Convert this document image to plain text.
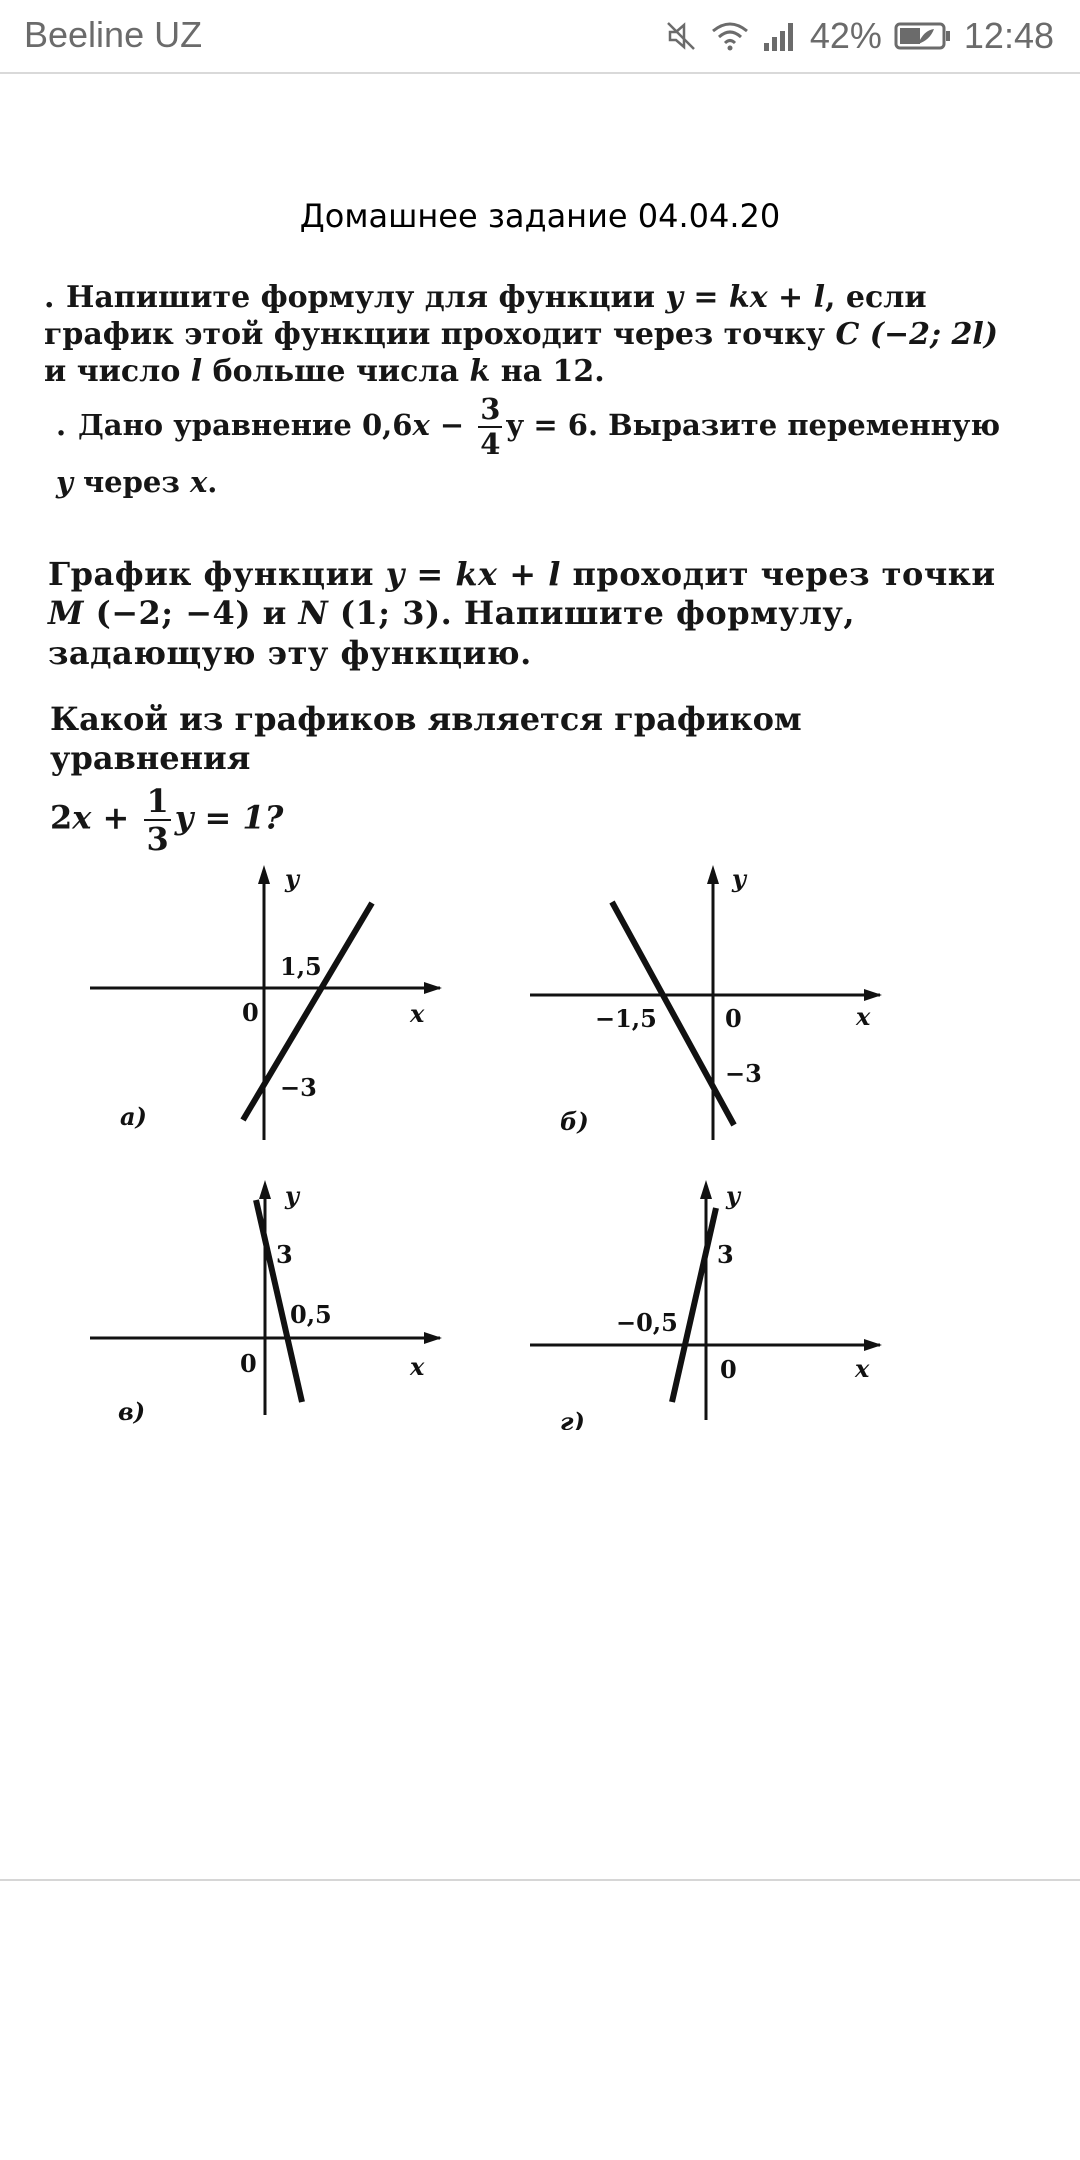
Beeline UZ	42% 12:48
Домашнее задание 04.04.20
. Напишите формулу для функции y = kx + l, если график этой функции проходит через точку C (−2; 2l) и число l больше числа k на 12.
. Дано уравнение $0,6x - \frac{3}{4}$ y = 6. Выразите переменную
y через x.
График функции y = kx + l проходит через точки M (−2; −4) и N (1; 3). Напишите формулу, задающую эту функцию.
Какой из графиков является графиком уравнения
$2x + \frac{1}{3}$ y = 1?
y
x
0
1,5
−3
а)
y
x
0
−1,5
−3
б)
y
x
0
3
0,5
в)
y
x
0
3
−0,5
г)
